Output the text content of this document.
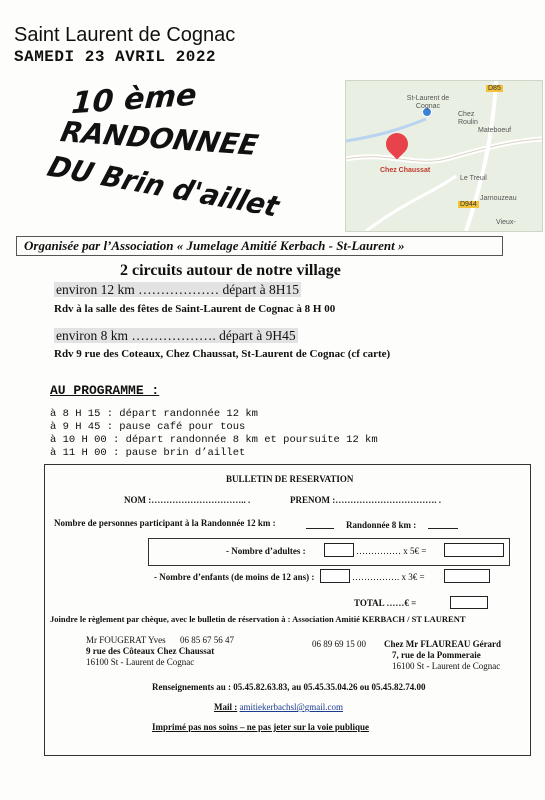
Saint Laurent de Cognac
SAMEDI 23 AVRIL 2022
10 ème
RANDONNEE
DU Brin d'aillet
D85
St-Laurent de Cognac
Chez Roulin
Mateboeuf
Chez Chaussat
Le Treuil
Jarnouzeau
D944
Vieux-
Organisée par l’Association « Jumelage Amitié Kerbach - St-Laurent »
2 circuits autour de notre village
environ 12 km ……………… départ à 8H15
Rdv à la salle des fêtes de Saint-Laurent de Cognac à 8 H 00
environ 8 km ………………. départ à 9H45
Rdv 9 rue des Coteaux, Chez Chaussat, St-Laurent de Cognac (cf carte)
AU PROGRAMME :
à 8 H 15 : départ randonnée 12 km
à 9 H 45 : pause café pour tous
à 10 H 00 : départ randonnée 8 km et poursuite 12 km
à 11 H 00 : pause brin d’aillet
BULLETIN DE RESERVATION
NOM :………………………….. .	PRENOM :……………………………. .
Nombre de personnes participant à la Randonnée 12 km :	Randonnée 8 km :
- Nombre d’adultes :	…………… x 5€ =
- Nombre d’enfants (de moins de 12 ans) :	……………. x 3€ =
TOTAL ……€ =
Joindre le règlement par chèque, avec le bulletin de réservation à : Association Amitié KERBACH / ST LAURENT
Mr FOUGERAT Yves 06 85 67 56 47
9 rue des Côteaux Chez Chaussat
16100 St - Laurent de Cognac
06 89 69 15 00 Chez Mr FLAUREAU Gérard
7, rue de la Pommeraie
16100 St - Laurent de Cognac
Renseignements au : 05.45.82.63.83, au 05.45.35.04.26 ou 05.45.82.74.00
Mail : amitiekerbachsl@gmail.com
Imprimé pas nos soins – ne pas jeter sur la voie publique
